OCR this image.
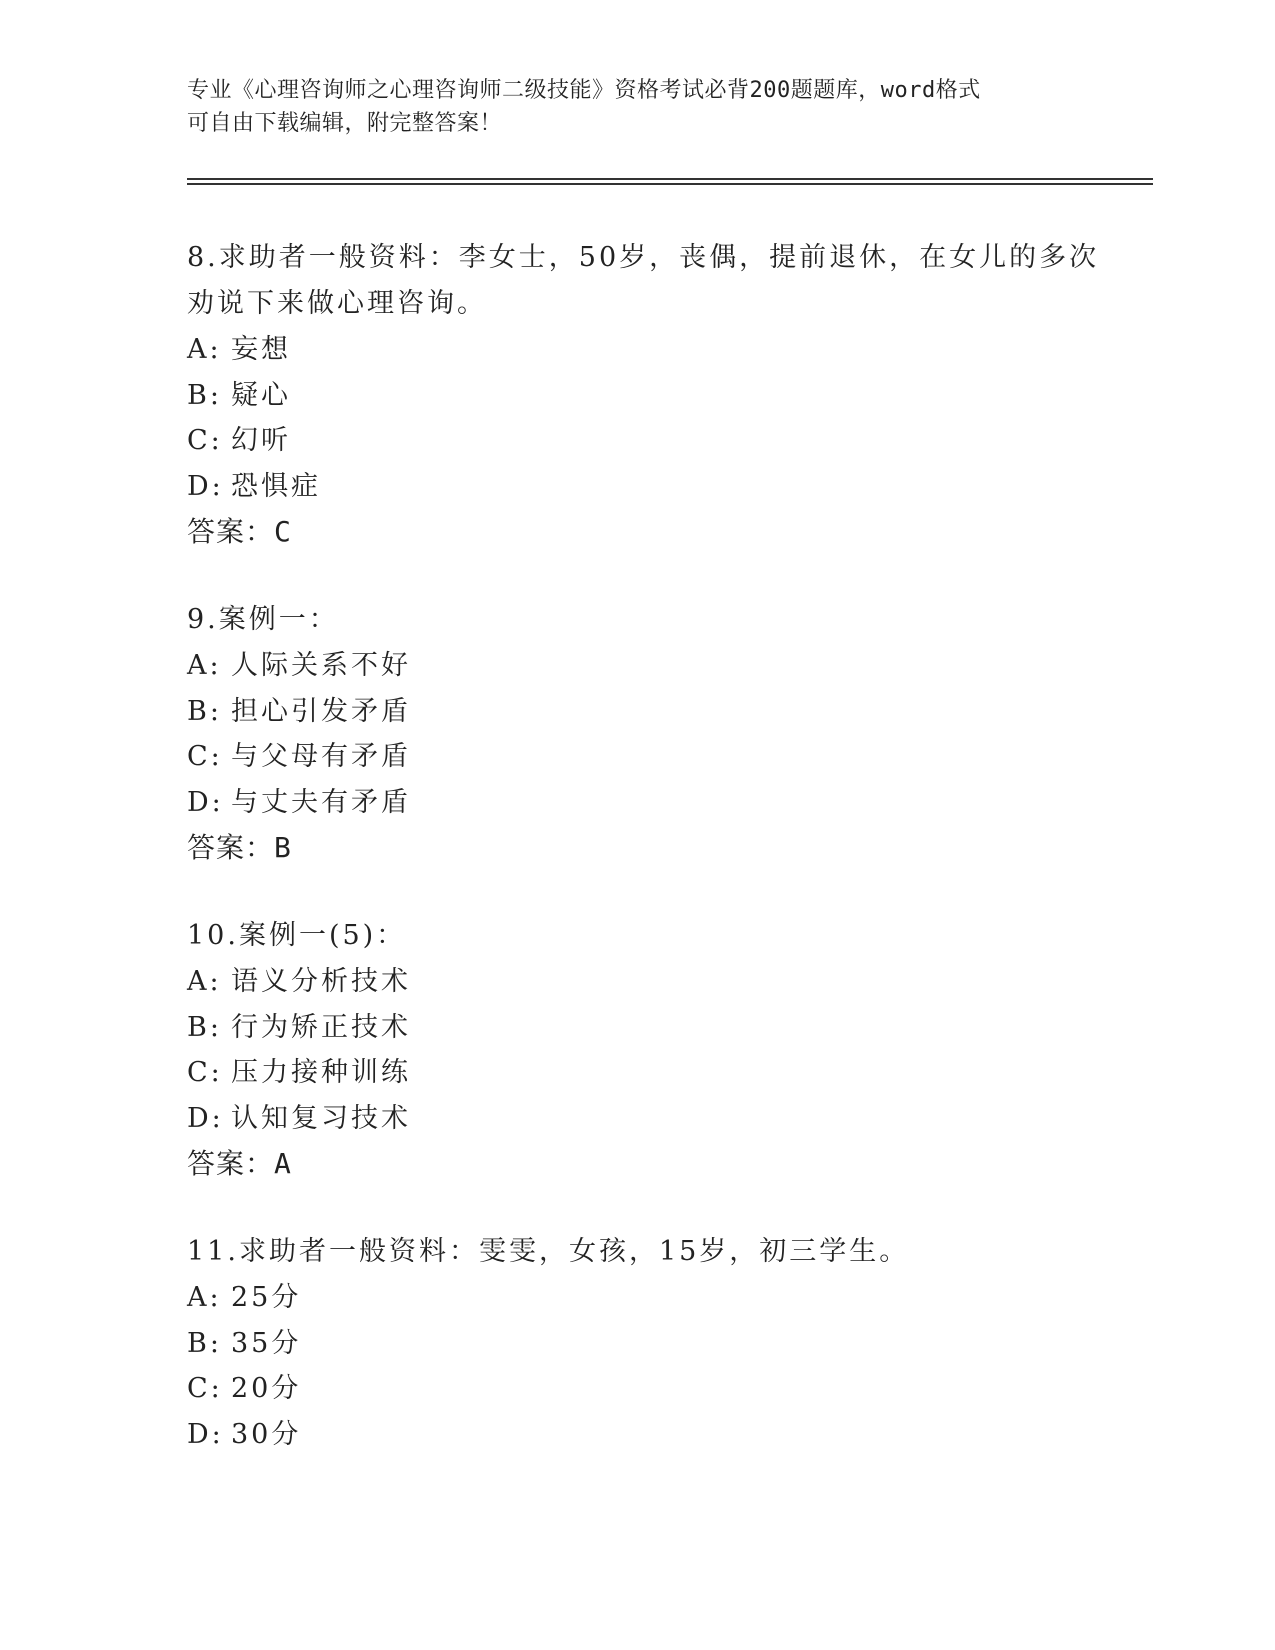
专业《心理咨询师之心理咨询师二级技能》资格考试必背200题题库，word格式
可自由下载编辑，附完整答案！
8.求助者一般资料：李女士，50岁，丧偶，提前退休，在女儿的多次
劝说下来做心理咨询。
A: 妄想
B: 疑心
C: 幻听
D: 恐惧症
答案：C
9.案例一：
A: 人际关系不好
B: 担心引发矛盾
C: 与父母有矛盾
D: 与丈夫有矛盾
答案：B
10.案例一(5)：
A: 语义分析技术
B: 行为矫正技术
C: 压力接种训练
D: 认知复习技术
答案：A
11.求助者一般资料：雯雯，女孩，15岁，初三学生。
A: 25分
B: 35分
C: 20分
D: 30分
